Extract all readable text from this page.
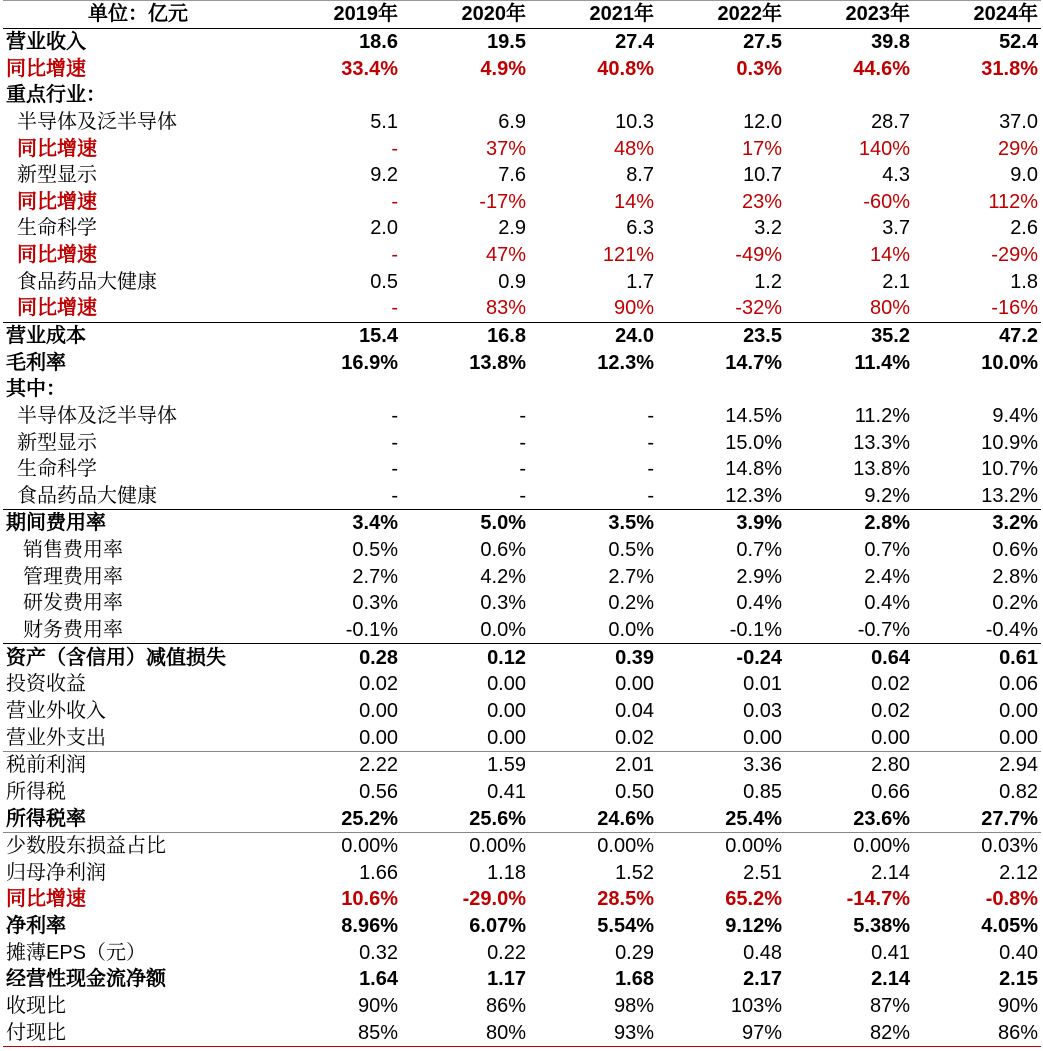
单位：亿元	2019年	2020年	2021年	2022年	2023年	2024年
营业收入	18.6	19.5	27.4	27.5	39.8	52.4
同比增速	33.4%	4.9%	40.8%	0.3%	44.6%	31.8%
重点行业：						
半导体及泛半导体	5.1	6.9	10.3	12.0	28.7	37.0
同比增速	-	37%	48%	17%	140%	29%
新型显示	9.2	7.6	8.7	10.7	4.3	9.0
同比增速	-	-17%	14%	23%	-60%	112%
生命科学	2.0	2.9	6.3	3.2	3.7	2.6
同比增速	-	47%	121%	-49%	14%	-29%
食品药品大健康	0.5	0.9	1.7	1.2	2.1	1.8
同比增速	-	83%	90%	-32%	80%	-16%
营业成本	15.4	16.8	24.0	23.5	35.2	47.2
毛利率	16.9%	13.8%	12.3%	14.7%	11.4%	10.0%
其中：						
半导体及泛半导体	-	-	-	14.5%	11.2%	9.4%
新型显示	-	-	-	15.0%	13.3%	10.9%
生命科学	-	-	-	14.8%	13.8%	10.7%
食品药品大健康	-	-	-	12.3%	9.2%	13.2%
期间费用率	3.4%	5.0%	3.5%	3.9%	2.8%	3.2%
销售费用率	0.5%	0.6%	0.5%	0.7%	0.7%	0.6%
管理费用率	2.7%	4.2%	2.7%	2.9%	2.4%	2.8%
研发费用率	0.3%	0.3%	0.2%	0.4%	0.4%	0.2%
财务费用率	-0.1%	0.0%	0.0%	-0.1%	-0.7%	-0.4%
资产（含信用）减值损失	0.28	0.12	0.39	-0.24	0.64	0.61
投资收益	0.02	0.00	0.00	0.01	0.02	0.06
营业外收入	0.00	0.00	0.04	0.03	0.02	0.00
营业外支出	0.00	0.00	0.02	0.00	0.00	0.00
税前利润	2.22	1.59	2.01	3.36	2.80	2.94
所得税	0.56	0.41	0.50	0.85	0.66	0.82
所得税率	25.2%	25.6%	24.6%	25.4%	23.6%	27.7%
少数股东损益占比	0.00%	0.00%	0.00%	0.00%	0.00%	0.03%
归母净利润	1.66	1.18	1.52	2.51	2.14	2.12
同比增速	10.6%	-29.0%	28.5%	65.2%	-14.7%	-0.8%
净利率	8.96%	6.07%	5.54%	9.12%	5.38%	4.05%
摊薄EPS（元）	0.32	0.22	0.29	0.48	0.41	0.40
经营性现金流净额	1.64	1.17	1.68	2.17	2.14	2.15
收现比	90%	86%	98%	103%	87%	90%
付现比	85%	80%	93%	97%	82%	86%
